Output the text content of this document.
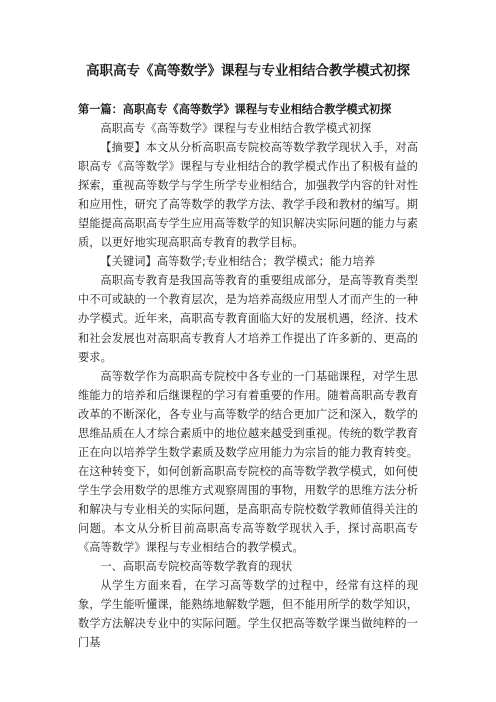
高职高专《高等数学》课程与专业相结合教学模式初探

第一篇：高职高专《高等数学》课程与专业相结合教学模式初探

高职高专《高等数学》课程与专业相结合教学模式初探

【摘要】本文从分析高职高专院校高等数学教学现状入手，对高职高专《高等数学》课程与专业相结合的教学模式作出了积极有益的探索，重视高等数学与学生所学专业相结合，加强教学内容的针对性和应用性，研究了高等数学的教学方法、教学手段和教材的编写。期望能提高高职高专学生应用高等数学的知识解决实际问题的能力与素质，以更好地实现高职高专教育的教学目标。

【关键词】高等数学;专业相结合；教学模式；能力培养

高职高专教育是我国高等教育的重要组成部分，是高等教育类型中不可或缺的一个教育层次，是为培养高级应用型人才而产生的一种办学模式。近年来，高职高专教育面临大好的发展机遇，经济、技术和社会发展也对高职高专教育人才培养工作提出了许多新的、更高的要求。

高等数学作为高职高专院校中各专业的一门基础课程，对学生思维能力的培养和后继课程的学习有着重要的作用。随着高职高专教育改革的不断深化，各专业与高等数学的结合更加广泛和深入，数学的思维品质在人才综合素质中的地位越来越受到重视。传统的数学教育正在向以培养学生数学素质及数学应用能力为宗旨的能力教育转变。在这种转变下，如何创新高职高专院校的高等数学教学模式，如何使学生学会用数学的思维方式观察周围的事物，用数学的思维方法分析和解决与专业相关的实际问题，是高职高专院校数学教师值得关注的问题。本文从分析目前高职高专高等数学现状入手，探讨高职高专《高等数学》课程与专业相结合的教学模式。

一、高职高专院校高等数学教育的现状

从学生方面来看，在学习高等数学的过程中，经常有这样的现象，学生能听懂课，能熟练地解数学题，但不能用所学的数学知识，数学方法解决专业中的实际问题。学生仅把高等数学课当做纯粹的一门基
